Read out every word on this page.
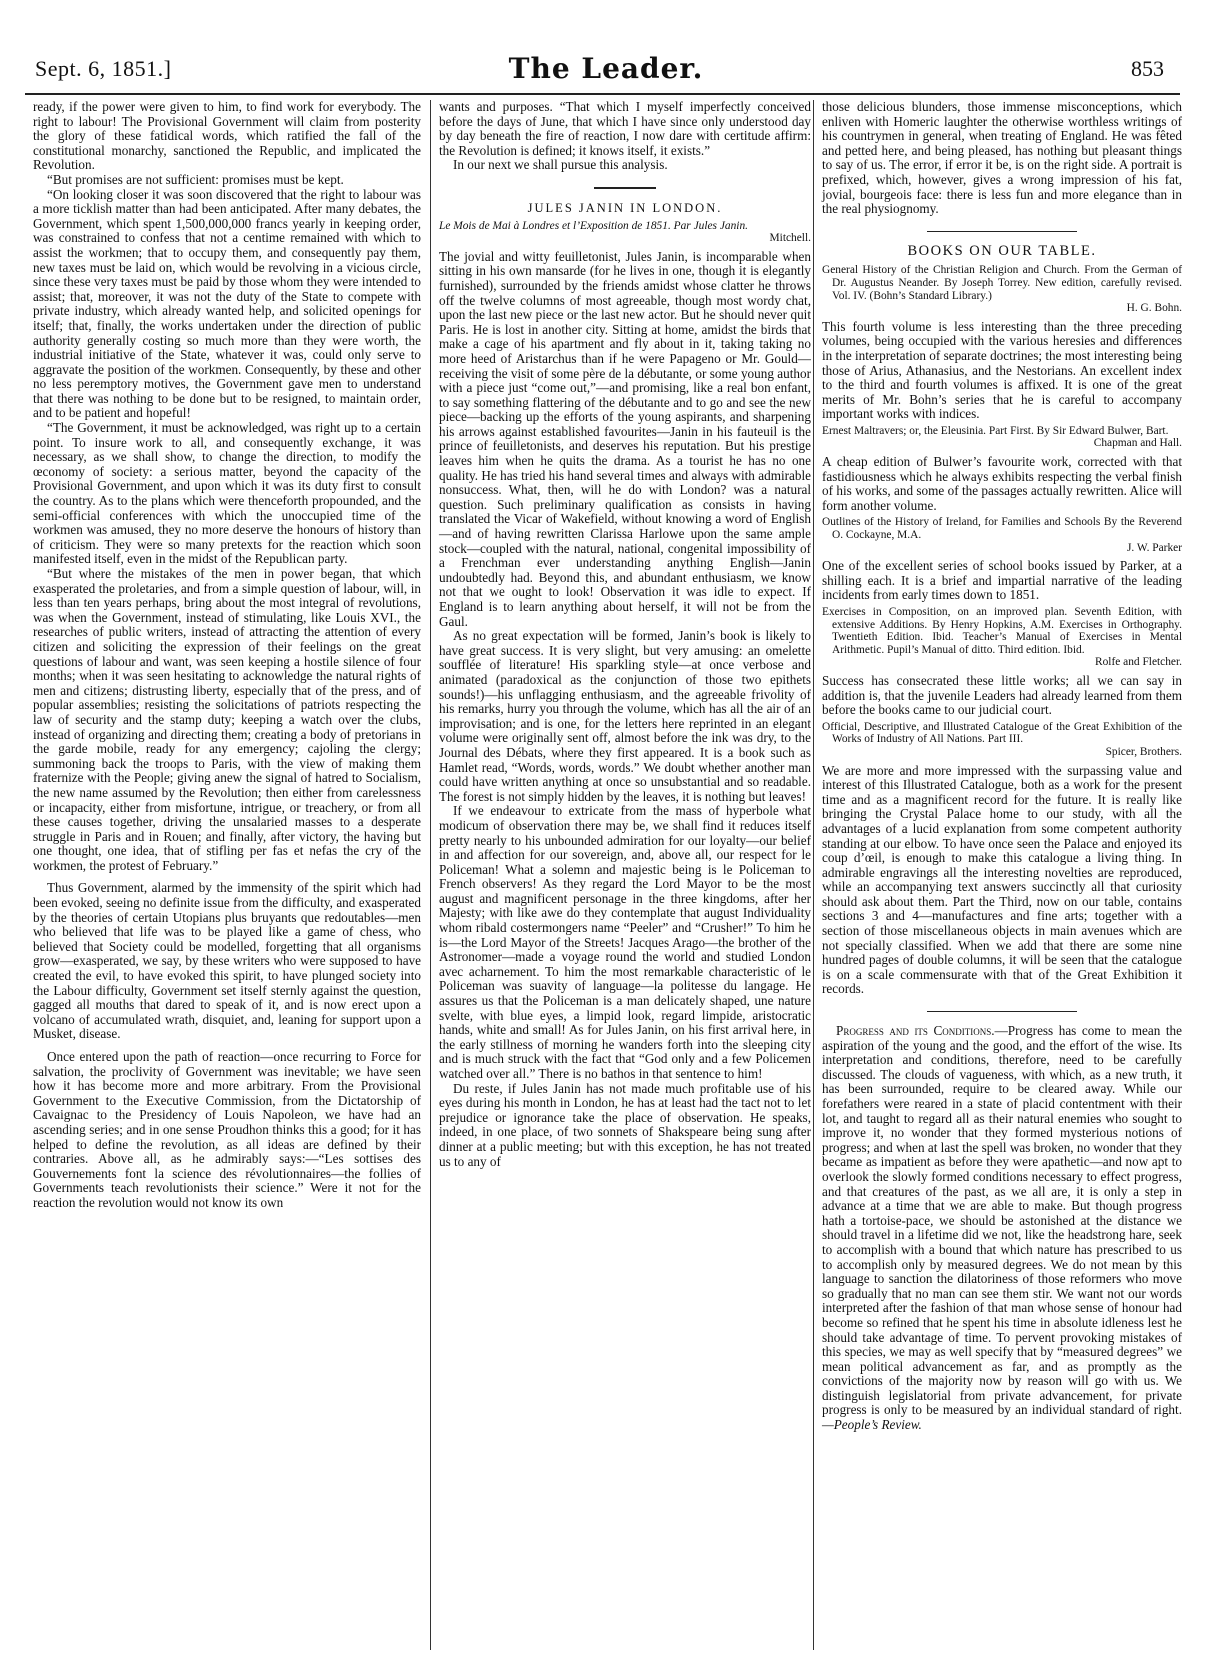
Sept. 6, 1851.]	The Leader.	853

ready, if the power were given to him, to find work for everybody. The right to labour! The Provisional Government will claim from posterity the glory of these fatidical words, which ratified the fall of the constitutional monarchy, sanctioned the Republic, and implicated the Revolution.

“But promises are not sufficient: promises must be kept.

“On looking closer it was soon discovered that the right to labour was a more ticklish matter than had been anticipated. After many debates, the Government, which spent 1,500,000,000 francs yearly in keeping order, was constrained to confess that not a centime remained with which to assist the workmen; that to occupy them, and consequently pay them, new taxes must be laid on, which would be revolving in a vicious circle, since these very taxes must be paid by those whom they were intended to assist; that, moreover, it was not the duty of the State to compete with private industry, which already wanted help, and solicited openings for itself; that, finally, the works undertaken under the direction of public authority generally costing so much more than they were worth, the industrial initiative of the State, whatever it was, could only serve to aggravate the position of the workmen. Consequently, by these and other no less peremptory motives, the Government gave men to understand that there was nothing to be done but to be resigned, to maintain order, and to be patient and hopeful!

“The Government, it must be acknowledged, was right up to a certain point. To insure work to all, and consequently exchange, it was necessary, as we shall show, to change the direction, to modify the œconomy of society: a serious matter, beyond the capacity of the Provisional Government, and upon which it was its duty first to consult the country. As to the plans which were thenceforth propounded, and the semi-official conferences with which the unoccupied time of the workmen was amused, they no more deserve the honours of history than of criticism. They were so many pretexts for the reaction which soon manifested itself, even in the midst of the Republican party.

“But where the mistakes of the men in power began, that which exasperated the proletaries, and from a simple question of labour, will, in less than ten years perhaps, bring about the most integral of revolutions, was when the Government, instead of stimulating, like Louis XVI., the researches of public writers, instead of attracting the attention of every citizen and soliciting the expression of their feelings on the great questions of labour and want, was seen keeping a hostile silence of four months; when it was seen hesitating to acknowledge the natural rights of men and citizens; distrusting liberty, especially that of the press, and of popular assemblies; resisting the solicitations of patriots respecting the law of security and the stamp duty; keeping a watch over the clubs, instead of organizing and directing them; creating a body of pretorians in the garde mobile, ready for any emergency; cajoling the clergy; summoning back the troops to Paris, with the view of making them fraternize with the People; giving anew the signal of hatred to Socialism, the new name assumed by the Revolution; then either from carelessness or incapacity, either from misfortune, intrigue, or treachery, or from all these causes together, driving the unsalaried masses to a desperate struggle in Paris and in Rouen; and finally, after victory, the having but one thought, one idea, that of stifling per fas et nefas the cry of the workmen, the protest of February.”

Thus Government, alarmed by the immensity of the spirit which had been evoked, seeing no definite issue from the difficulty, and exasperated by the theories of certain Utopians plus bruyants que redoutables—men who believed that life was to be played like a game of chess, who believed that Society could be modelled, forgetting that all organisms grow—exasperated, we say, by these writers who were supposed to have created the evil, to have evoked this spirit, to have plunged society into the Labour difficulty, Government set itself sternly against the question, gagged all mouths that dared to speak of it, and is now erect upon a volcano of accumulated wrath, disquiet, and, leaning for support upon a Musket, disease.

Once entered upon the path of reaction—once recurring to Force for salvation, the proclivity of Government was inevitable; we have seen how it has become more and more arbitrary. From the Provisional Government to the Executive Commission, from the Dictatorship of Cavaignac to the Presidency of Louis Napoleon, we have had an ascending series; and in one sense Proudhon thinks this a good; for it has helped to define the revolution, as all ideas are defined by their contraries. Above all, as he admirably says:—“Les sottises des Gouvernements font la science des révolutionnaires—the follies of Governments teach revolutionists their science.” Were it not for the reaction the revolution would not know its own

wants and purposes. “That which I myself imperfectly conceived before the days of June, that which I have since only understood day by day beneath the fire of reaction, I now dare with certitude affirm: the Revolution is defined; it knows itself, it exists.”

In our next we shall pursue this analysis.

JULES JANIN IN LONDON.
Le Mois de Mai à Londres et l’Exposition de 1851. Par Jules Janin.
Mitchell.

The jovial and witty feuilletonist, Jules Janin, is incomparable when sitting in his own mansarde (for he lives in one, though it is elegantly furnished), surrounded by the friends amidst whose clatter he throws off the twelve columns of most agreeable, though most wordy chat, upon the last new piece or the last new actor. But he should never quit Paris. He is lost in another city. Sitting at home, amidst the birds that make a cage of his apartment and fly about in it, taking taking no more heed of Aristarchus than if he were Papageno or Mr. Gould—receiving the visit of some père de la débutante, or some young author with a piece just “come out,”—and promising, like a real bon enfant, to say something flattering of the débutante and to go and see the new piece—backing up the efforts of the young aspirants, and sharpening his arrows against established favourites—Janin in his fauteuil is the prince of feuilletonists, and deserves his reputation. But his prestige leaves him when he quits the drama. As a tourist he has no one quality. He has tried his hand several times and always with admirable nonsuccess. What, then, will he do with London? was a natural question. Such preliminary qualification as consists in having translated the Vicar of Wakefield, without knowing a word of English—and of having rewritten Clarissa Harlowe upon the same ample stock—coupled with the natural, national, congenital impossibility of a Frenchman ever understanding anything English—Janin undoubtedly had. Beyond this, and abundant enthusiasm, we know not that we ought to look! Observation it was idle to expect. If England is to learn anything about herself, it will not be from the Gaul.

As no great expectation will be formed, Janin’s book is likely to have great success. It is very slight, but very amusing: an omelette soufflée of literature! His sparkling style—at once verbose and animated (paradoxical as the conjunction of those two epithets sounds!)—his unflagging enthusiasm, and the agreeable frivolity of his remarks, hurry you through the volume, which has all the air of an improvisation; and is one, for the letters here reprinted in an elegant volume were originally sent off, almost before the ink was dry, to the Journal des Débats, where they first appeared. It is a book such as Hamlet read, “Words, words, words.” We doubt whether another man could have written anything at once so unsubstantial and so readable. The forest is not simply hidden by the leaves, it is nothing but leaves!

If we endeavour to extricate from the mass of hyperbole what modicum of observation there may be, we shall find it reduces itself pretty nearly to his unbounded admiration for our loyalty—our belief in and affection for our sovereign, and, above all, our respect for le Policeman! What a solemn and majestic being is le Policeman to French observers! As they regard the Lord Mayor to be the most august and magnificent personage in the three kingdoms, after her Majesty; with like awe do they contemplate that august Individuality whom ribald costermongers name “Peeler” and “Crusher!” To him he is—the Lord Mayor of the Streets! Jacques Arago—the brother of the Astronomer—made a voyage round the world and studied London avec acharnement. To him the most remarkable characteristic of le Policeman was suavity of language—la politesse du langage. He assures us that the Policeman is a man delicately shaped, une nature svelte, with blue eyes, a limpid look, regard limpide, aristocratic hands, white and small! As for Jules Janin, on his first arrival here, in the early stillness of morning he wanders forth into the sleeping city and is much struck with the fact that “God only and a few Policemen watched over all.” There is no bathos in that sentence to him!

Du reste, if Jules Janin has not made much profitable use of his eyes during his month in London, he has at least had the tact not to let prejudice or ignorance take the place of observation. He speaks, indeed, in one place, of two sonnets of Shakspeare being sung after dinner at a public meeting; but with this exception, he has not treated us to any of

those delicious blunders, those immense misconceptions, which enliven with Homeric laughter the otherwise worthless writings of his countrymen in general, when treating of England. He was fêted and petted here, and being pleased, has nothing but pleasant things to say of us. The error, if error it be, is on the right side. A portrait is prefixed, which, however, gives a wrong impression of his fat, jovial, bourgeois face: there is less fun and more elegance than in the real physiognomy.

BOOKS ON OUR TABLE.
General History of the Christian Religion and Church. From the German of Dr. Augustus Neander. By Joseph Torrey. New edition, carefully revised. Vol. IV. (Bohn’s Standard Library.)
H. G. Bohn.

This fourth volume is less interesting than the three preceding volumes, being occupied with the various heresies and differences in the interpretation of separate doctrines; the most interesting being those of Arius, Athanasius, and the Nestorians. An excellent index to the third and fourth volumes is affixed. It is one of the great merits of Mr. Bohn’s series that he is careful to accompany important works with indices.

Ernest Maltravers; or, the Eleusinia. Part First. By Sir Edward Bulwer, Bart.
Chapman and Hall.

A cheap edition of Bulwer’s favourite work, corrected with that fastidiousness which he always exhibits respecting the verbal finish of his works, and some of the passages actually rewritten. Alice will form another volume.

Outlines of the History of Ireland, for Families and Schools By the Reverend O. Cockayne, M.A.
J. W. Parker

One of the excellent series of school books issued by Parker, at a shilling each. It is a brief and impartial narrative of the leading incidents from early times down to 1851.

Exercises in Composition, on an improved plan. Seventh Edition, with extensive Additions. By Henry Hopkins, A.M. Exercises in Orthography. Twentieth Edition. Ibid. Teacher’s Manual of Exercises in Mental Arithmetic. Pupil’s Manual of ditto. Third edition. Ibid.
Rolfe and Fletcher.

Success has consecrated these little works; all we can say in addition is, that the juvenile Leaders had already learned from them before the books came to our judicial court.

Official, Descriptive, and Illustrated Catalogue of the Great Exhibition of the Works of Industry of All Nations. Part III.
Spicer, Brothers.

We are more and more impressed with the surpassing value and interest of this Illustrated Catalogue, both as a work for the present time and as a magnificent record for the future. It is really like bringing the Crystal Palace home to our study, with all the advantages of a lucid explanation from some competent authority standing at our elbow. To have once seen the Palace and enjoyed its coup d’œil, is enough to make this catalogue a living thing. In admirable engravings all the interesting novelties are reproduced, while an accompanying text answers succinctly all that curiosity should ask about them. Part the Third, now on our table, contains sections 3 and 4—manufactures and fine arts; together with a section of those miscellaneous objects in main avenues which are not specially classified. When we add that there are some nine hundred pages of double columns, it will be seen that the catalogue is on a scale commensurate with that of the Great Exhibition it records.

Progress and its Conditions.—Progress has come to mean the aspiration of the young and the good, and the effort of the wise. Its interpretation and conditions, therefore, need to be carefully discussed. The clouds of vagueness, with which, as a new truth, it has been surrounded, require to be cleared away. While our forefathers were reared in a state of placid contentment with their lot, and taught to regard all as their natural enemies who sought to improve it, no wonder that they formed mysterious notions of progress; and when at last the spell was broken, no wonder that they became as impatient as before they were apathetic—and now apt to overlook the slowly formed conditions necessary to effect progress, and that creatures of the past, as we all are, it is only a step in advance at a time that we are able to make. But though progress hath a tortoise-pace, we should be astonished at the distance we should travel in a lifetime did we not, like the headstrong hare, seek to accomplish with a bound that which nature has prescribed to us to accomplish only by measured degrees. We do not mean by this language to sanction the dilatoriness of those reformers who move so gradually that no man can see them stir. We want not our words interpreted after the fashion of that man whose sense of honour had become so refined that he spent his time in absolute idleness lest he should take advantage of time. To pervent provoking mistakes of this species, we may as well specify that by “measured degrees” we mean political advancement as far, and as promptly as the convictions of the majority now by reason will go with us. We distinguish legislatorial from private advancement, for private progress is only to be measured by an individual standard of right.—People’s Review.
